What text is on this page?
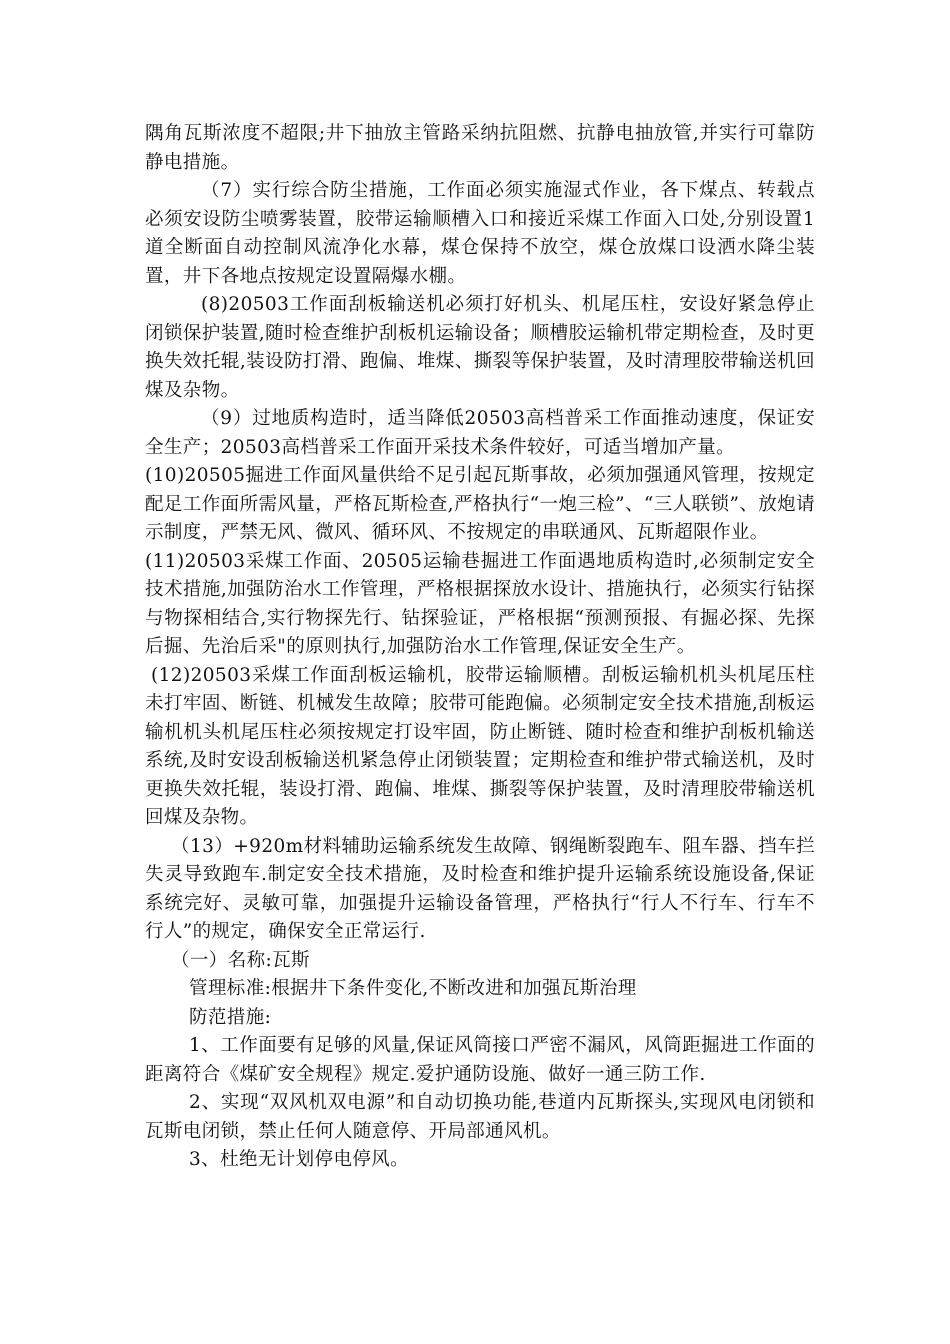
隅角瓦斯浓度不超限;井下抽放主管路采纳抗阻燃、抗静电抽放管,并实行可靠防静电措施。

（7）实行综合防尘措施，工作面必须实施湿式作业，各下煤点、转载点必须安设防尘喷雾装置，胶带运输顺槽入口和接近采煤工作面入口处,分别设置1道全断面自动控制风流净化水幕，煤仓保持不放空，煤仓放煤口设洒水降尘装置，井下各地点按规定设置隔爆水棚。

(8)20503工作面刮板输送机必须打好机头、机尾压柱，安设好紧急停止闭锁保护装置,随时检查维护刮板机运输设备；顺槽胶运输机带定期检查，及时更换失效托辊,装设防打滑、跑偏、堆煤、撕裂等保护装置，及时清理胶带输送机回煤及杂物。

（9）过地质构造时，适当降低20503高档普采工作面推动速度，保证安全生产；20503高档普采工作面开采技术条件较好，可适当增加产量。

(10)20505掘进工作面风量供给不足引起瓦斯事故，必须加强通风管理，按规定配足工作面所需风量，严格瓦斯检查,严格执行“一炮三检”、“三人联锁”、放炮请示制度，严禁无风、微风、循环风、不按规定的串联通风、瓦斯超限作业。

(11)20503采煤工作面、20505运输巷掘进工作面遇地质构造时,必须制定安全技术措施,加强防治水工作管理，严格根据探放水设计、措施执行，必须实行钻探与物探相结合,实行物探先行、钻探验证，严格根据“预测预报、有掘必探、先探后掘、先治后采"的原则执行,加强防治水工作管理,保证安全生产。

(12)20503采煤工作面刮板运输机，胶带运输顺槽。刮板运输机机头机尾压柱未打牢固、断链、机械发生故障；胶带可能跑偏。必须制定安全技术措施,刮板运输机机头机尾压柱必须按规定打设牢固，防止断链、随时检查和维护刮板机输送系统,及时安设刮板输送机紧急停止闭锁装置；定期检查和维护带式输送机，及时更换失效托辊，装设打滑、跑偏、堆煤、撕裂等保护装置，及时清理胶带输送机回煤及杂物。

（13）+920m材料辅助运输系统发生故障、钢绳断裂跑车、阻车器、挡车拦失灵导致跑车.制定安全技术措施，及时检查和维护提升运输系统设施设备,保证系统完好、灵敏可靠，加强提升运输设备管理，严格执行“行人不行车、行车不行人”的规定，确保安全正常运行.

（一）名称:瓦斯

管理标准:根据井下条件变化,不断改进和加强瓦斯治理

防范措施:

1、工作面要有足够的风量,保证风筒接口严密不漏风，风筒距掘进工作面的距离符合《煤矿安全规程》规定.爱护通防设施、做好一通三防工作.

2、实现“双风机双电源”和自动切换功能,巷道内瓦斯探头,实现风电闭锁和瓦斯电闭锁，禁止任何人随意停、开局部通风机。

3、杜绝无计划停电停风。
